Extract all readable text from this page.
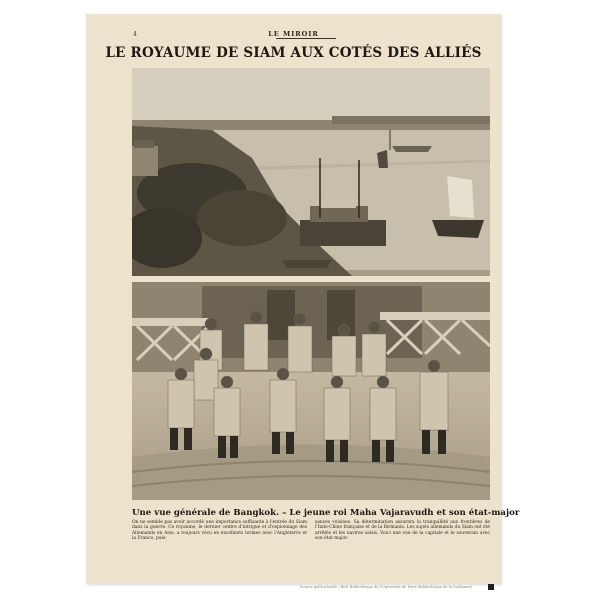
4	LE MIROIR
LE ROYAUME DE SIAM AUX COTÉS DES ALLIÉS
Une vue générale de Bangkok. – Le jeune roi Maha Vajaravudh et son état-major
On ne semble pas avoir accordé une importance suffisante à l'entrée du Siam dans la guerre. Ce royaume, le dernier centre d'intrigue et d'espionnage des Allemands en Asie, a toujours vécu en excellents termes avec l'Angleterre et la France, puis-
sances voisines. Sa détermination assurera la tranquillité aux frontières de l'Indo-Chine française et de la Birmanie. Les sujets allemands du Siam ont été arrêtés et les navires saisis. Voici une vue de la capitale et le souverain avec son état-major.
Source gallica.bnf.fr / BnF, Bibliothèque de l'Université de Paris (bibliothèque de la Sorbonne)
